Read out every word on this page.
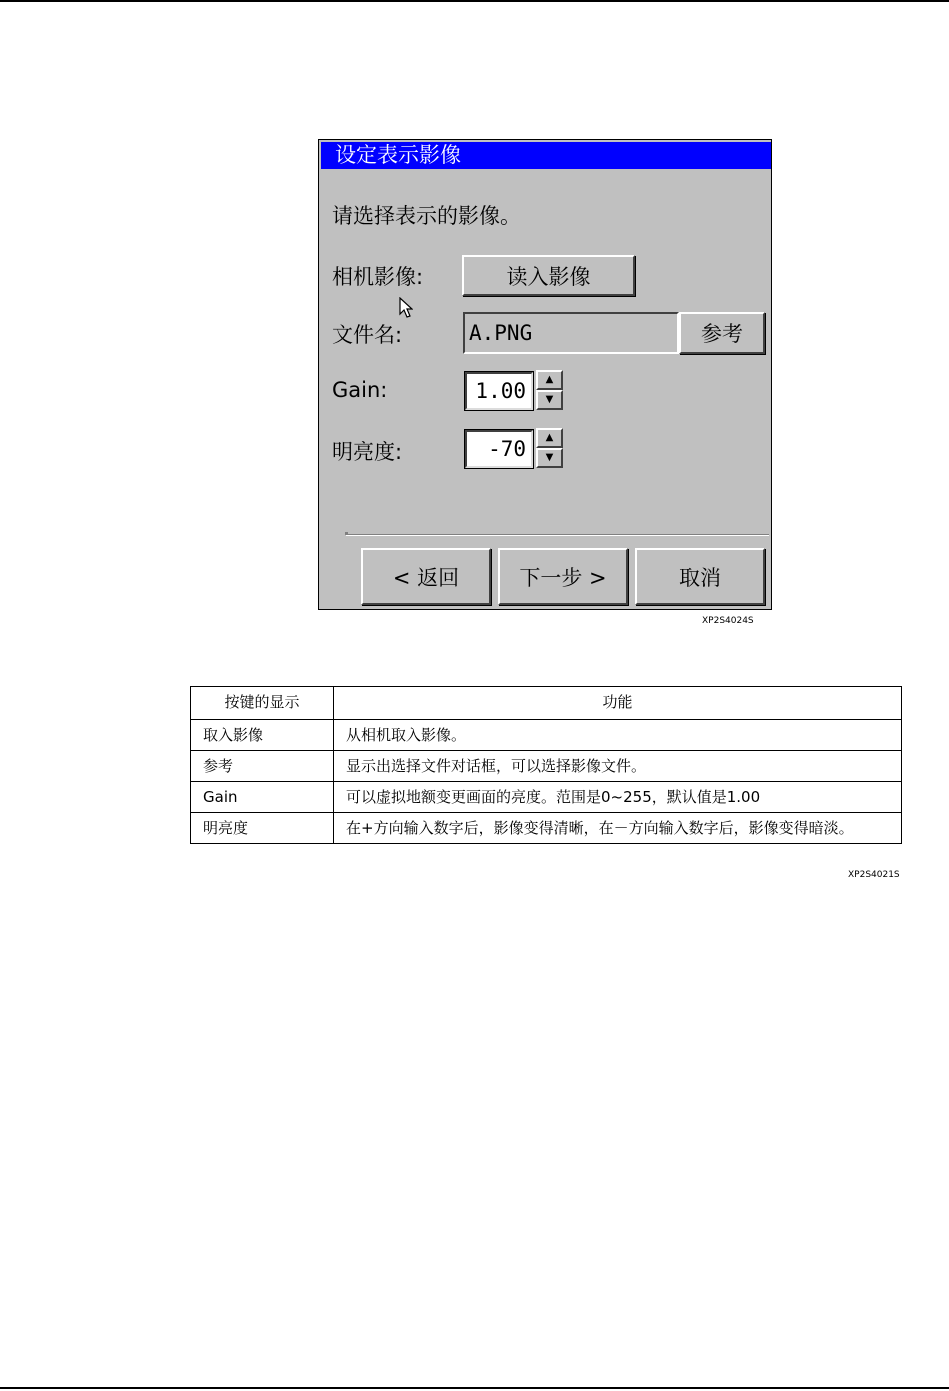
设定表示影像
请选择表示的影像。
相机影像:	读入影像
文件名:	A.PNG	参考
Gain:	1.00	▲
▼
明亮度:	-70	▲
▼
< 返回	下一步 >	取消
XP2S4024S
按键的显示	功能
取入影像	从相机取入影像。
参考	显示出选择文件对话框，可以选择影像文件。
Gain	可以虚拟地额变更画面的亮度。范围是0~255，默认值是1.00
明亮度	在+方向输入数字后，影像变得清晰，在－方向输入数字后，影像变得暗淡。
XP2S4021S
